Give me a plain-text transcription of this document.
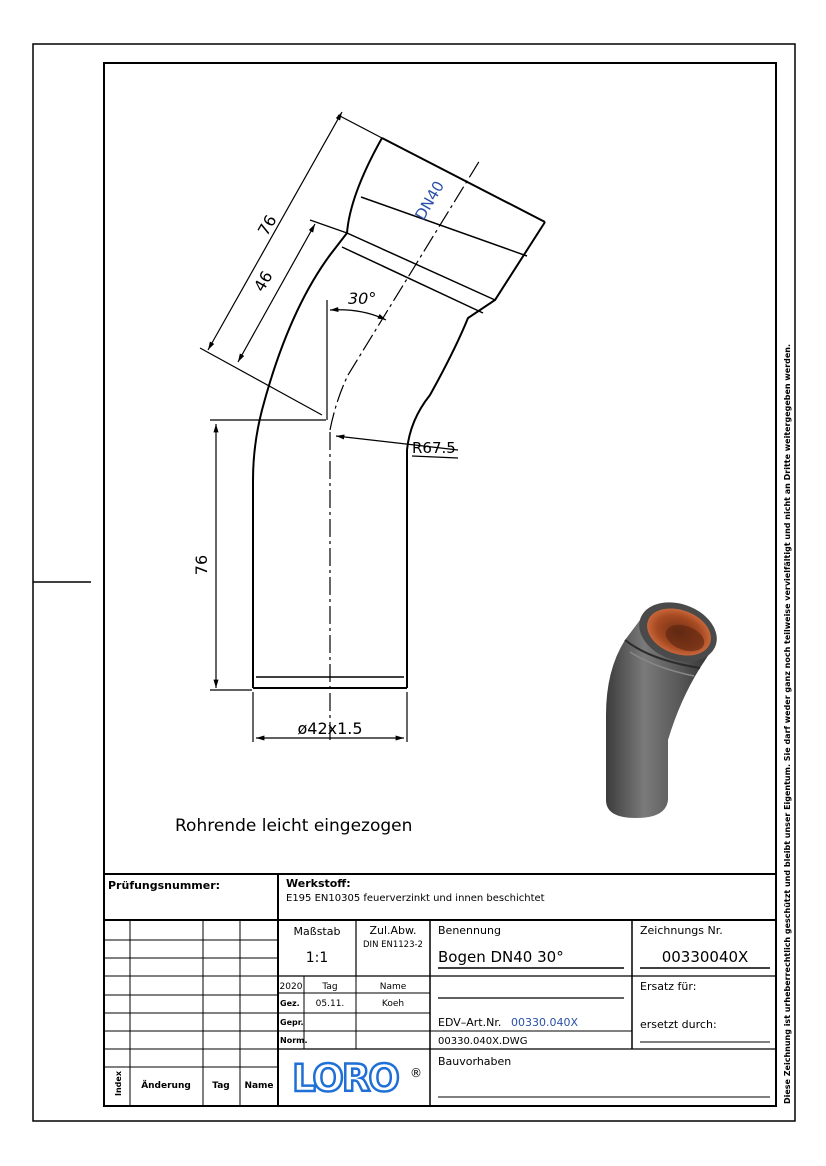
30°
R67.5
76
ø42x1.5
76
46
DN40
Rohrende leicht eingezogen
Prüfungsnummer:	Werkstoff:
E195 EN10305 feuerverzinkt und innen beschichtet
Maßstab
1:1
Zul.Abw.
DIN EN1123-2
Benennung
Bogen DN40 30°
Zeichnungs Nr.
00330040X
2020 Tag	Name
Gez. 05.11.	Koeh
Gepr.
Norm.
Ersatz für:
ersetzt durch:
EDV–Art.Nr. 00330.040X
00330.040X.DWG
Bauvorhaben
Index Änderung Tag Name LORO ®	Diese Zeichnung ist urheberrechtlich geschützt und bleibt unser Eigentum. Sie darf weder ganz noch teilweise vervielfältigt und nicht an Dritte weitergegeben werden.
